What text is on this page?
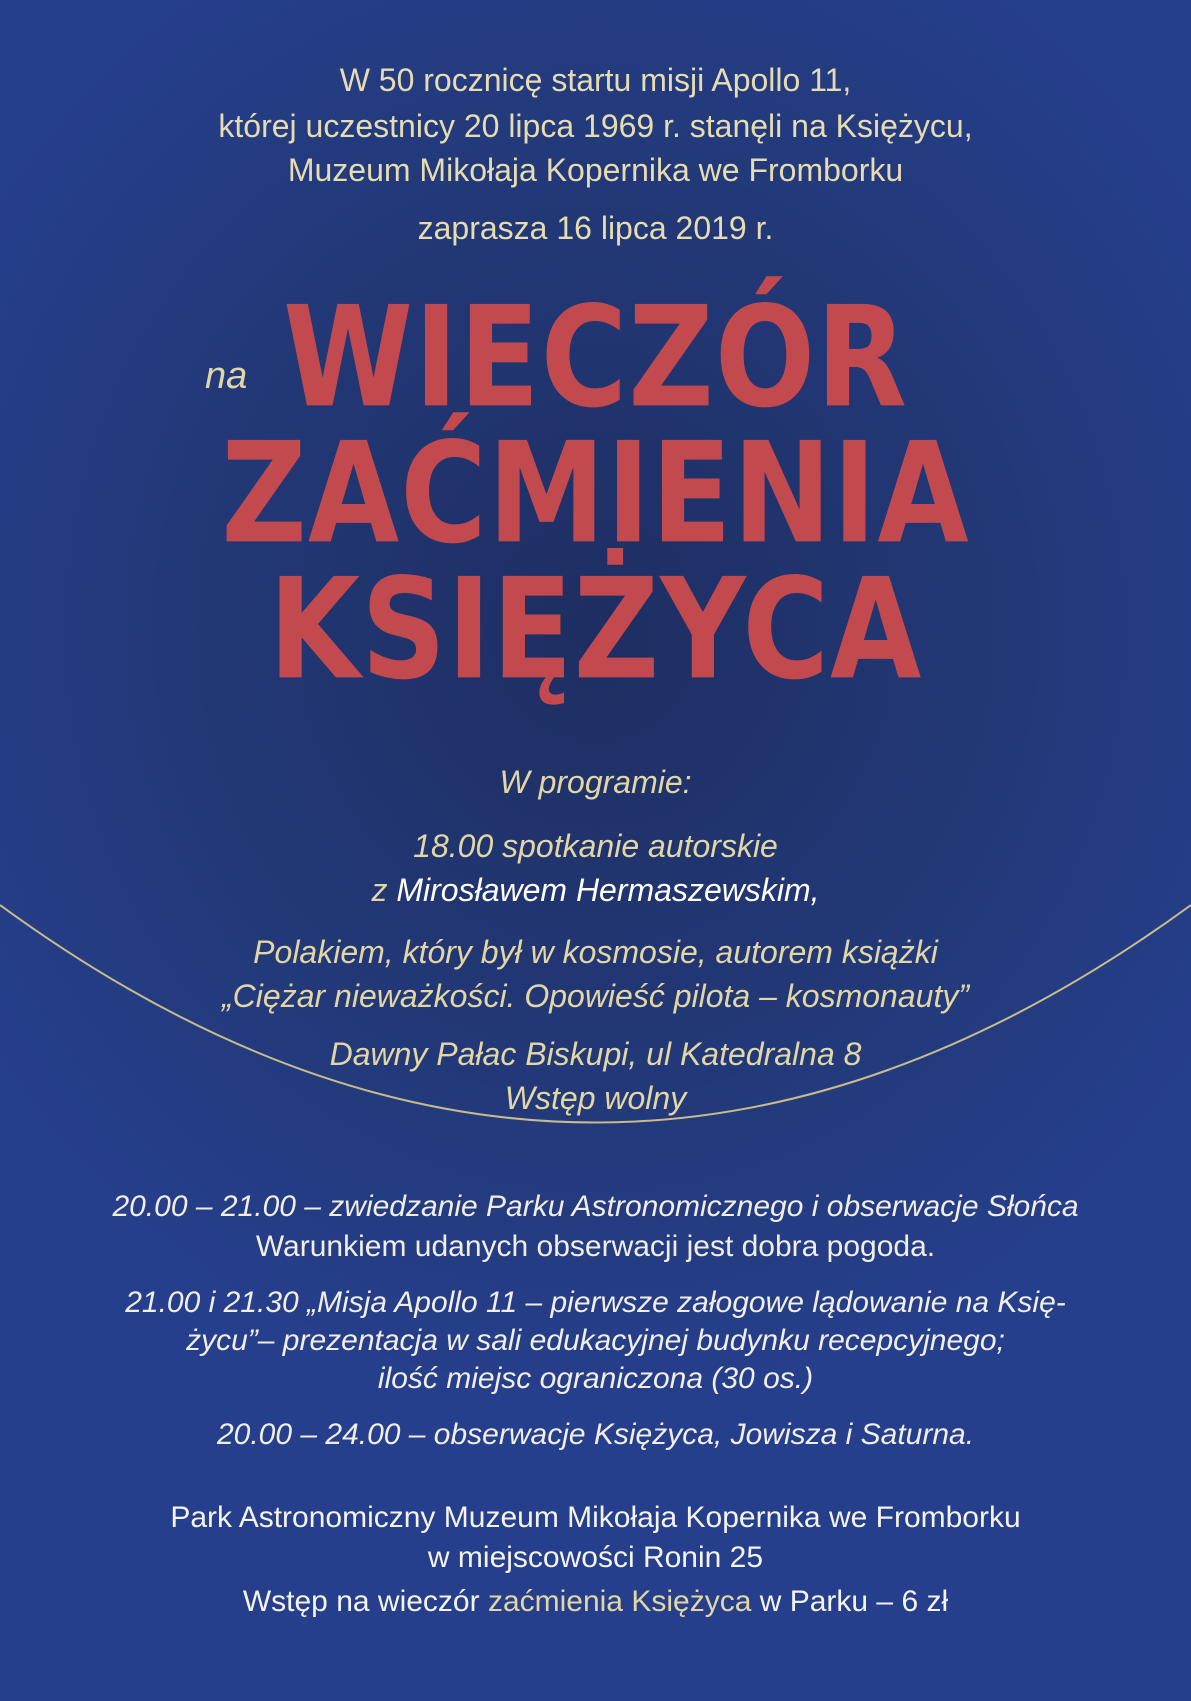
W 50 rocznicę startu misji Apollo 11,
której uczestnicy 20 lipca 1969 r. stanęli na Księżycu,
Muzeum Mikołaja Kopernika we Fromborku
zaprasza 16 lipca 2019 r.
na WIECZÓR
ZAĆMIENIA
KSIĘŻYCA
W programie:
18.00 spotkanie autorskie
z Mirosławem Hermaszewskim,
Polakiem, który był w kosmosie, autorem książki
„Ciężar nieważkości. Opowieść pilota – kosmonauty”
Dawny Pałac Biskupi, ul Katedralna 8
Wstęp wolny
20.00 – 21.00 – zwiedzanie Parku Astronomicznego i obserwacje Słońca
Warunkiem udanych obserwacji jest dobra pogoda.
21.00 i 21.30 „Misja Apollo 11 – pierwsze załogowe lądowanie na Księ-
życu”– prezentacja w sali edukacyjnej budynku recepcyjnego;
ilość miejsc ograniczona (30 os.)
20.00 – 24.00 – obserwacje Księżyca, Jowisza i Saturna.
Park Astronomiczny Muzeum Mikołaja Kopernika we Fromborku
w miejscowości Ronin 25
Wstęp na wieczór zaćmienia Księżyca w Parku – 6 zł
